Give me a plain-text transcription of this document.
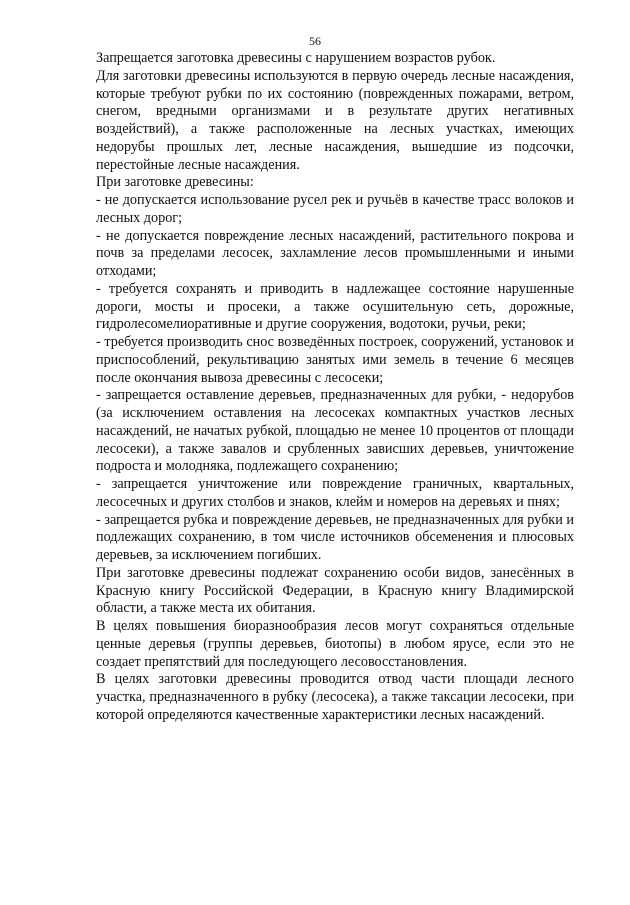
56

Запрещается заготовка древесины с нарушением возрастов рубок.

Для заготовки древесины используются в первую очередь лесные насаждения, которые требуют рубки по их состоянию (поврежденных пожарами, ветром, снегом, вредными организмами и в результате других негативных воздействий), а также расположенные на лесных участках, имеющих недорубы прошлых лет, лесные насаждения, вышедшие из подсочки, перестойные лесные насаждения.

При заготовке древесины:

- не допускается использование русел рек и ручьёв в качестве трасс волоков и лесных дорог;

- не допускается повреждение лесных насаждений, растительного покрова и почв за пределами лесосек, захламление лесов промышленными и иными отходами;

- требуется сохранять и приводить в надлежащее состояние нарушенные дороги, мосты и просеки, а также осушительную сеть, дорожные, гидролесомелиоративные и другие сооружения, водотоки, ручьи, реки;

- требуется производить снос возведённых построек, сооружений, установок и приспособлений, рекультивацию занятых ими земель в течение 6 месяцев после окончания вывоза древесины с лесосеки;

- запрещается оставление деревьев, предназначенных для рубки, - недорубов (за исключением оставления на лесосеках компактных участков лесных насаждений, не начатых рубкой, площадью не менее 10 процентов от площади лесосеки), а также завалов и срубленных зависших деревьев, уничтожение подроста и молодняка, подлежащего сохранению;

- запрещается уничтожение или повреждение граничных, квартальных, лесосечных и других столбов и знаков, клейм и номеров на деревьях и пнях;

- запрещается рубка и повреждение деревьев, не предназначенных для рубки и подлежащих сохранению, в том числе источников обсеменения и плюсовых деревьев, за исключением погибших.

При заготовке древесины подлежат сохранению особи видов, занесённых в Красную книгу Российской Федерации, в Красную книгу Владимирской области, а также места их обитания.

В целях повышения биоразнообразия лесов могут сохраняться отдельные ценные деревья (группы деревьев, биотопы) в любом ярусе, если это не создает препятствий для последующего лесовосстановления.

В целях заготовки древесины проводится отвод части площади лесного участка, предназначенного в рубку (лесосека), а также таксации лесосеки, при которой определяются качественные характеристики лесных насаждений.
